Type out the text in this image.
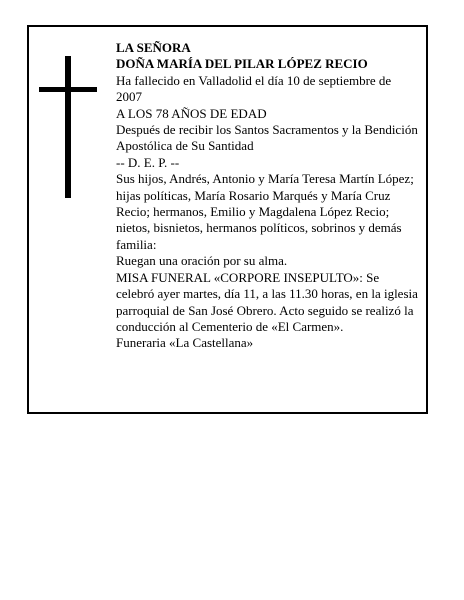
LA SEÑORA

DOÑA MARÍA DEL PILAR LÓPEZ RECIO

Ha fallecido en Valladolid el día 10 de septiembre de 2007

A LOS 78 AÑOS DE EDAD

Después de recibir los Santos Sacramentos y la Bendición Apostólica de Su Santidad

-- D. E. P. --

Sus hijos, Andrés, Antonio y María Teresa Martín López; hijas políticas, María Rosario Marqués y María Cruz Recio; hermanos, Emilio y Magdalena López Recio; nietos, bisnietos, hermanos políticos, sobrinos y demás familia:

Ruegan una oración por su alma.

MISA FUNERAL «CORPORE INSEPULTO»: Se celebró ayer martes, día 11, a las 11.30 horas, en la iglesia parroquial de San José Obrero. Acto seguido se realizó la conducción al Cementerio de «El Carmen».

Funeraria «La Castellana»
